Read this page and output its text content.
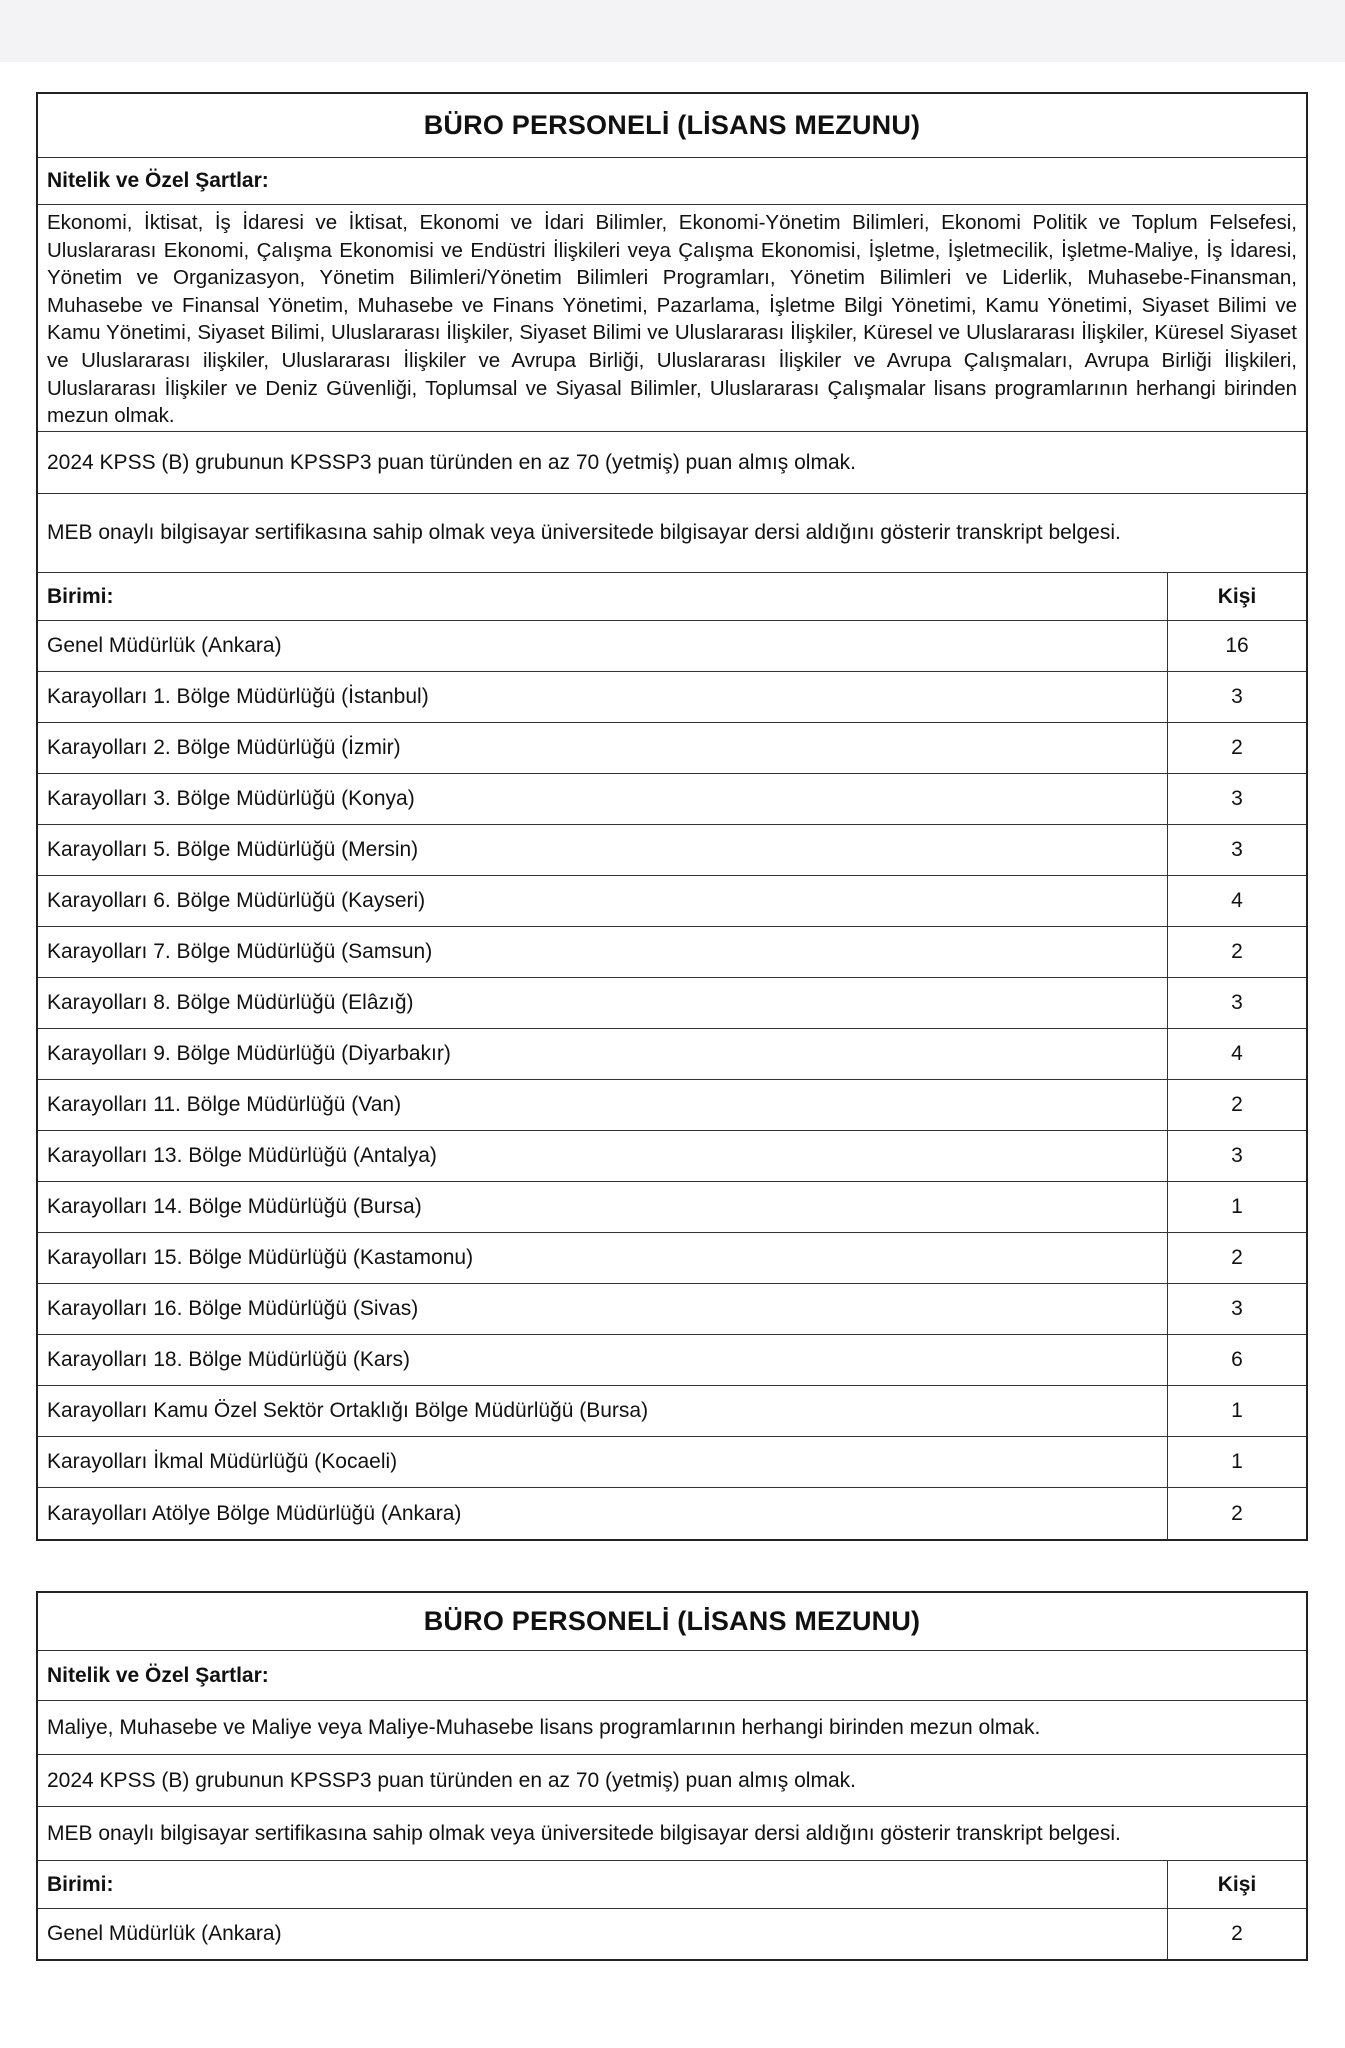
BÜRO PERSONELİ (LİSANS MEZUNU)
Nitelik ve Özel Şartlar:
Ekonomi, İktisat, İş İdaresi ve İktisat, Ekonomi ve İdari Bilimler, Ekonomi-Yönetim Bilimleri, Ekonomi Politik ve Toplum Felsefesi, Uluslararası Ekonomi, Çalışma Ekonomisi ve Endüstri İlişkileri veya Çalışma Ekonomisi, İşletme, İşletmecilik, İşletme-Maliye, İş İdaresi, Yönetim ve Organizasyon, Yönetim Bilimleri/Yönetim Bilimleri Programları, Yönetim Bilimleri ve Liderlik, Muhasebe-Finansman, Muhasebe ve Finansal Yönetim, Muhasebe ve Finans Yönetimi, Pazarlama, İşletme Bilgi Yönetimi, Kamu Yönetimi, Siyaset Bilimi ve Kamu Yönetimi, Siyaset Bilimi, Uluslararası İlişkiler, Siyaset Bilimi ve Uluslararası İlişkiler, Küresel ve Uluslararası İlişkiler, Küresel Siyaset ve Uluslararası ilişkiler, Uluslararası İlişkiler ve Avrupa Birliği, Uluslararası İlişkiler ve Avrupa Çalışmaları, Avrupa Birliği İlişkileri, Uluslararası İlişkiler ve Deniz Güvenliği, Toplumsal ve Siyasal Bilimler, Uluslararası Çalışmalar lisans programlarının herhangi birinden mezun olmak.
2024 KPSS (B) grubunun KPSSP3 puan türünden en az 70 (yetmiş) puan almış olmak.
MEB onaylı bilgisayar sertifikasına sahip olmak veya üniversitede bilgisayar dersi aldığını gösterir transkript belgesi.
Birimi:	Kişi
Genel Müdürlük (Ankara)	16
Karayolları 1. Bölge Müdürlüğü (İstanbul)	3
Karayolları 2. Bölge Müdürlüğü (İzmir)	2
Karayolları 3. Bölge Müdürlüğü (Konya)	3
Karayolları 5. Bölge Müdürlüğü (Mersin)	3
Karayolları 6. Bölge Müdürlüğü (Kayseri)	4
Karayolları 7. Bölge Müdürlüğü (Samsun)	2
Karayolları 8. Bölge Müdürlüğü (Elâzığ)	3
Karayolları 9. Bölge Müdürlüğü (Diyarbakır)	4
Karayolları 11. Bölge Müdürlüğü (Van)	2
Karayolları 13. Bölge Müdürlüğü (Antalya)	3
Karayolları 14. Bölge Müdürlüğü (Bursa)	1
Karayolları 15. Bölge Müdürlüğü (Kastamonu)	2
Karayolları 16. Bölge Müdürlüğü (Sivas)	3
Karayolları 18. Bölge Müdürlüğü (Kars)	6
Karayolları Kamu Özel Sektör Ortaklığı Bölge Müdürlüğü (Bursa)	1
Karayolları İkmal Müdürlüğü (Kocaeli)	1
Karayolları Atölye Bölge Müdürlüğü (Ankara)	2
BÜRO PERSONELİ (LİSANS MEZUNU)
Nitelik ve Özel Şartlar:
Maliye, Muhasebe ve Maliye veya Maliye-Muhasebe lisans programlarının herhangi birinden mezun olmak.
2024 KPSS (B) grubunun KPSSP3 puan türünden en az 70 (yetmiş) puan almış olmak.
MEB onaylı bilgisayar sertifikasına sahip olmak veya üniversitede bilgisayar dersi aldığını gösterir transkript belgesi.
Birimi:	Kişi
Genel Müdürlük (Ankara)	2
